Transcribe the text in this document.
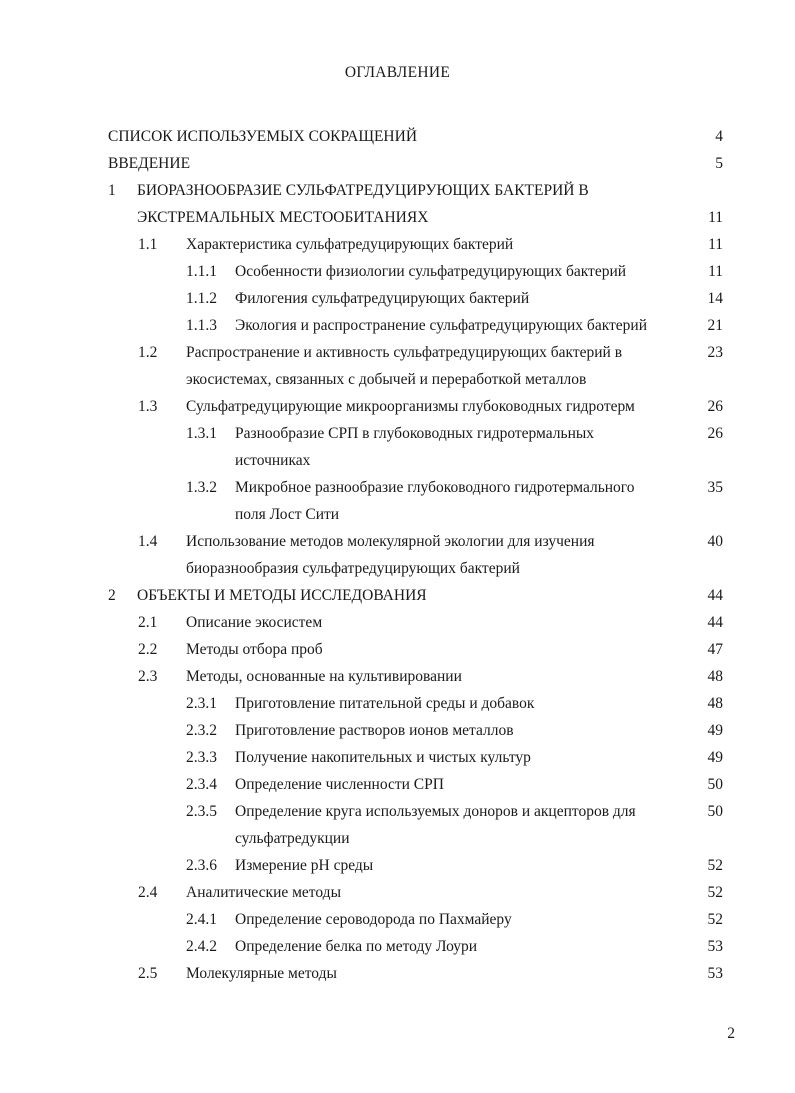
ОГЛАВЛЕНИЕ
СПИСОК ИСПОЛЬЗУЕМЫХ СОКРАЩЕНИЙ	4
ВВЕДЕНИЕ	5
1 БИОРАЗНООБРАЗИЕ СУЛЬФАТРЕДУЦИРУЮЩИХ БАКТЕРИЙ В
ЭКСТРЕМАЛЬНЫХ МЕСТООБИТАНИЯХ	11
1.1 Характеристика сульфатредуцирующих бактерий	11
1.1.1 Особенности физиологии сульфатредуцирующих бактерий	11
1.1.2 Филогения сульфатредуцирующих бактерий	14
1.1.3 Экология и распространение сульфатредуцирующих бактерий	21
1.2 Распространение и активность сульфатредуцирующих бактерий в	23
экосистемах, связанных с добычей и переработкой металлов
1.3 Сульфатредуцирующие микроорганизмы глубоководных гидротерм	26
1.3.1 Разнообразие СРП в глубоководных гидротермальных	26
источниках
1.3.2 Микробное разнообразие глубоководного гидротермального	35
поля Лост Сити
1.4 Использование методов молекулярной экологии для изучения	40
биоразнообразия сульфатредуцирующих бактерий
2 ОБЪЕКТЫ И МЕТОДЫ ИССЛЕДОВАНИЯ	44
2.1 Описание экосистем	44
2.2 Методы отбора проб	47
2.3 Методы, основанные на культивировании	48
2.3.1 Приготовление питательной среды и добавок	48
2.3.2 Приготовление растворов ионов металлов	49
2.3.3 Получение накопительных и чистых культур	49
2.3.4 Определение численности СРП	50
2.3.5 Определение круга используемых доноров и акцепторов для	50
сульфатредукции
2.3.6 Измерение pH среды	52
2.4 Аналитические методы	52
2.4.1 Определение сероводорода по Пахмайеру	52
2.4.2 Определение белка по методу Лоури	53
2.5 Молекулярные методы	53
2
